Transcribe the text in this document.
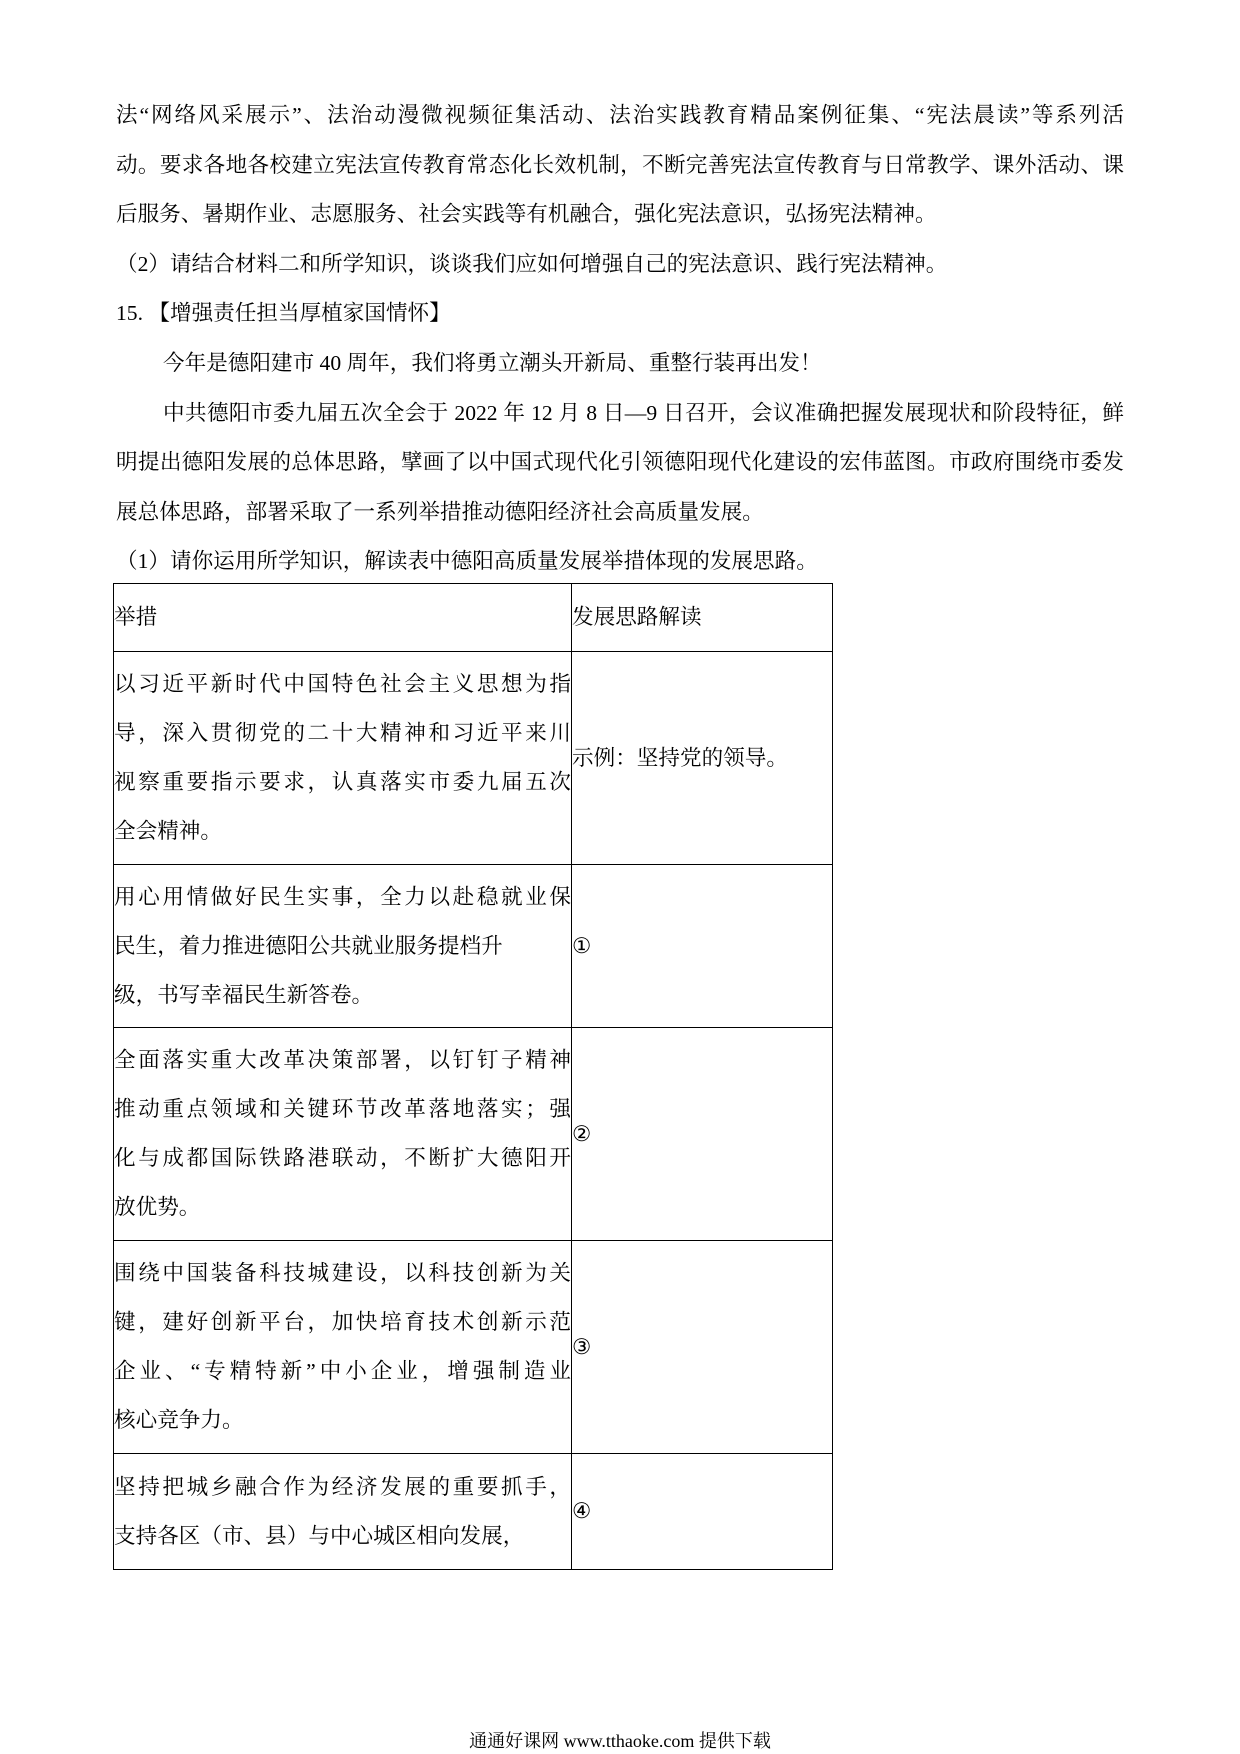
法“网络风采展示”、法治动漫微视频征集活动、法治实践教育精品案例征集、“宪法晨读”等系列活
动。要求各地各校建立宪法宣传教育常态化长效机制，不断完善宪法宣传教育与日常教学、课外活动、课
后服务、暑期作业、志愿服务、社会实践等有机融合，强化宪法意识，弘扬宪法精神。
（2）请结合材料二和所学知识，谈谈我们应如何增强自己的宪法意识、践行宪法精神。
15. 【增强责任担当厚植家国情怀】
今年是德阳建市 40 周年，我们将勇立潮头开新局、重整行装再出发！
中共德阳市委九届五次全会于 2022 年 12 月 8 日—9 日召开，会议准确把握发展现状和阶段特征，鲜
明提出德阳发展的总体思路，擘画了以中国式现代化引领德阳现代化建设的宏伟蓝图。市政府围绕市委发
展总体思路，部署采取了一系列举措推动德阳经济社会高质量发展。
（1）请你运用所学知识，解读表中德阳高质量发展举措体现的发展思路。
举措	发展思路解读

以习近平新时代中国特色社会主义思想为指
导，深入贯彻党的二十大精神和习近平来川
视察重要指示要求，认真落实市委九届五次
全会精神。	示例：坚持党的领导。

用心用情做好民生实事，全力以赴稳就业保
民生，着力推进德阳公共就业服务提档升
级，书写幸福民生新答卷。	①

全面落实重大改革决策部署，以钉钉子精神
推动重点领域和关键环节改革落地落实；强
化与成都国际铁路港联动，不断扩大德阳开
放优势。	②

围绕中国装备科技城建设，以科技创新为关
键，建好创新平台，加快培育技术创新示范
企业、“专精特新”中小企业，增强制造业
核心竞争力。	③

坚持把城乡融合作为经济发展的重要抓手，
支持各区（市、县）与中心城区相向发展，	④
通通好课网 www.tthaoke.com 提供下载
